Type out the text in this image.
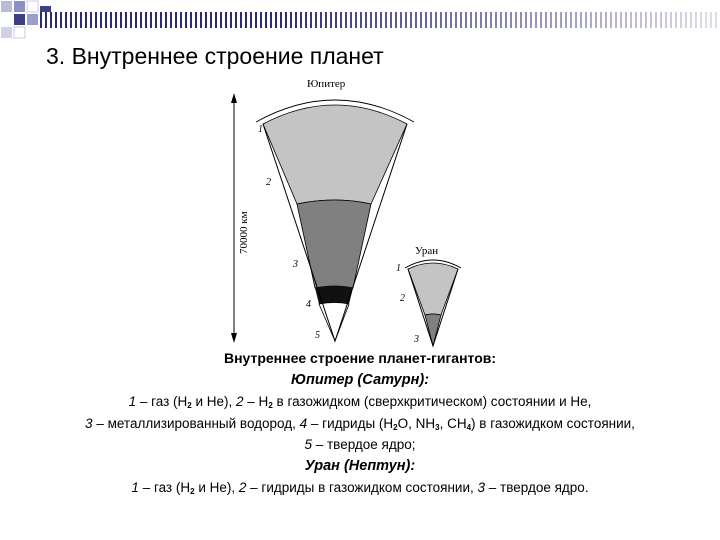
3. Внутреннее строение планет
70000 км
Юпитер
1
2
3
4
5
Уран
1
2
3
Внутреннее строение планет-гигантов:
Юпитер (Сатурн):
1 – газ ($Н_2$ и Не), $2 - Н_2$ в газожидком (сверхкритическом) состоянии и Не,
3 – металлизированный водород, 4 – гидриды ($Н_2О$, $NН_3$, $СН_4$) в газожидком состоянии,
5 – твердое ядро;
Уран (Нептун):
1 – газ ($Н_2$ и Не), 2 – гидриды в газожидком состоянии, 3 – твердое ядро.
